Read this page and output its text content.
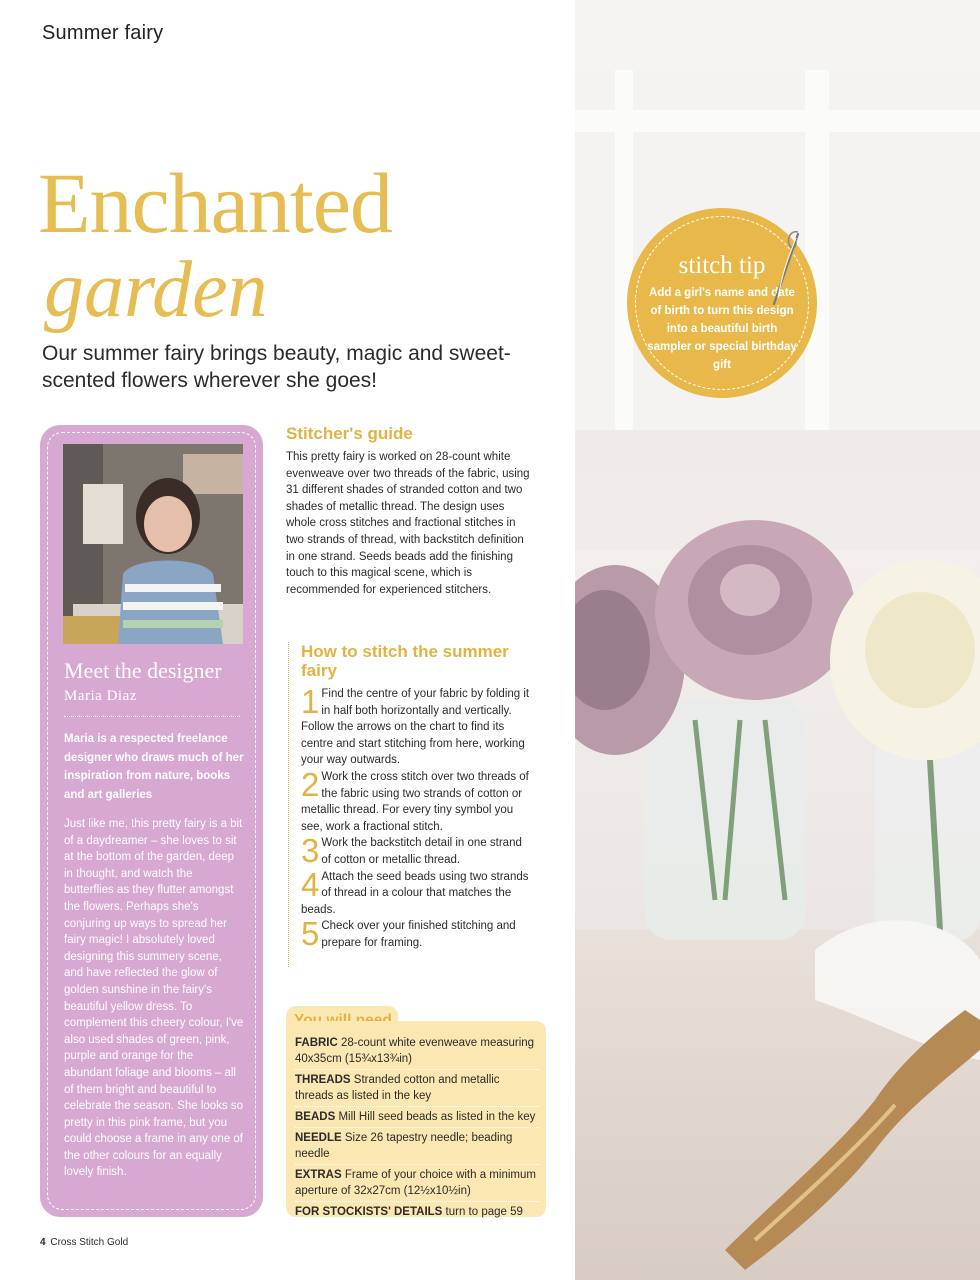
Summer fairy
Enchanted
garden
Our summer fairy brings beauty, magic and sweet-scented flowers wherever she goes!
stitch tip
Add a girl's name and date of birth to turn this design into a beautiful birth sampler or special birthday gift
Meet the designer
Maria Diaz
Maria is a respected freelance designer who draws much of her inspiration from nature, books and art galleries
Just like me, this pretty fairy is a bit of a daydreamer – she loves to sit at the bottom of the garden, deep in thought, and watch the butterflies as they flutter amongst the flowers. Perhaps she's conjuring up ways to spread her fairy magic! I absolutely loved designing this summery scene, and have reflected the glow of golden sunshine in the fairy's beautiful yellow dress. To complement this cheery colour, I've also used shades of green, pink, purple and orange for the abundant foliage and blooms – all of them bright and beautiful to celebrate the season. She looks so pretty in this pink frame, but you could choose a frame in any one of the other colours for an equally lovely finish.
Stitcher's guide
This pretty fairy is worked on 28-count white evenweave over two threads of the fabric, using 31 different shades of stranded cotton and two shades of metallic thread. The design uses whole cross stitches and fractional stitches in two strands of thread, with backstitch definition in one strand. Seeds beads add the finishing touch to this magical scene, which is recommended for experienced stitchers.
How to stitch the summer fairy
1 Find the centre of your fabric by folding it in half both horizontally and vertically. Follow the arrows on the chart to find its centre and start stitching from here, working your way outwards.
2 Work the cross stitch over two threads of the fabric using two strands of cotton or metallic thread. For every tiny symbol you see, work a fractional stitch.
3 Work the backstitch detail in one strand of cotton or metallic thread.
4 Attach the seed beads using two strands of thread in a colour that matches the beads.
5 Check over your finished stitching and prepare for framing.
FABRIC 28-count white evenweave measuring 40x35cm (15¾x13¾in)
THREADS Stranded cotton and metallic threads as listed in the key
BEADS Mill Hill seed beads as listed in the key
NEEDLE Size 26 tapestry needle; beading needle
EXTRAS Frame of your choice with a minimum aperture of 32x27cm (12½x10½in)
FOR STOCKISTS' DETAILS turn to page 59
4 Cross Stitch Gold
